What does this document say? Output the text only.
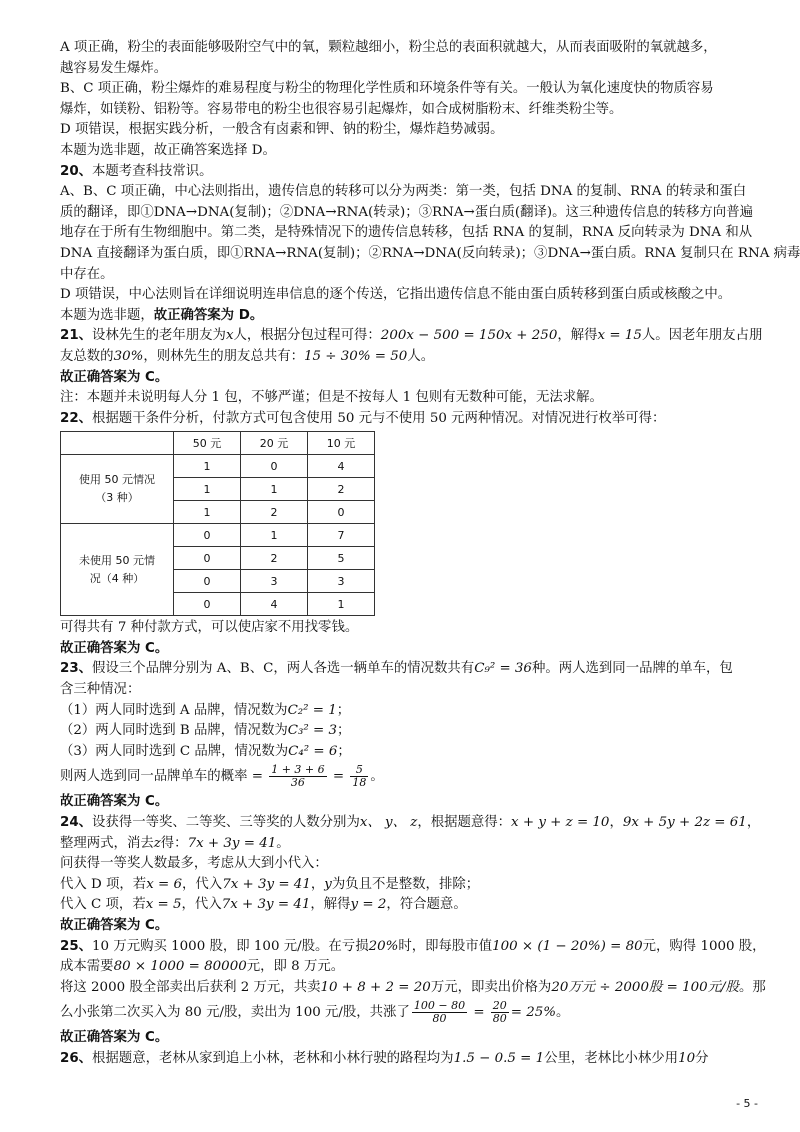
A 项正确，粉尘的表面能够吸附空气中的氧，颗粒越细小，粉尘总的表面积就越大，从而表面吸附的氧就越多，
越容易发生爆炸。
B、C 项正确，粉尘爆炸的难易程度与粉尘的物理化学性质和环境条件等有关。一般认为氧化速度快的物质容易
爆炸，如镁粉、铝粉等。容易带电的粉尘也很容易引起爆炸，如合成树脂粉末、纤维类粉尘等。
D 项错误，根据实践分析，一般含有卤素和钾、钠的粉尘，爆炸趋势减弱。
本题为选非题，故正确答案选择 D。
20、本题考查科技常识。
A、B、C 项正确，中心法则指出，遗传信息的转移可以分为两类：第一类，包括 DNA 的复制、RNA 的转录和蛋白
质的翻译，即①DNA→DNA(复制)；②DNA→RNA(转录)；③RNA→蛋白质(翻译)。这三种遗传信息的转移方向普遍
地存在于所有生物细胞中。第二类，是特殊情况下的遗传信息转移，包括 RNA 的复制，RNA 反向转录为 DNA 和从
DNA 直接翻译为蛋白质，即①RNA→RNA(复制)；②RNA→DNA(反向转录)；③DNA→蛋白质。RNA 复制只在 RNA 病毒
中存在。
D 项错误，中心法则旨在详细说明连串信息的逐个传送，它指出遗传信息不能由蛋白质转移到蛋白质或核酸之中。
本题为选非题，故正确答案为 D。
21、设林先生的老年朋友为x人，根据分包过程可得：200x − 500 = 150x + 250，解得x = 15人。因老年朋友占朋
友总数的30%，则林先生的朋友总共有：15 ÷ 30% = 50人。
故正确答案为 C。
注：本题并未说明每人分 1 包，不够严谨；但是不按每人 1 包则有无数种可能，无法求解。
22、根据题干条件分析，付款方式可包含使用 50 元与不使用 50 元两种情况。对情况进行枚举可得：
	50 元	20 元	10 元
使用 50 元情况
（3 种）	1	0	4
	1	1	2
	1	2	0
未使用 50 元情
况（4 种）	0	1	7
	0	2	5
	0	3	3
	0	4	1
可得共有 7 种付款方式，可以使店家不用找零钱。
故正确答案为 C。
23、假设三个品牌分别为 A、B、C，两人各选一辆单车的情况数共有C₉² = 36种。两人选到同一品牌的单车，包
含三种情况：
（1）两人同时选到 A 品牌，情况数为C₂² = 1；
（2）两人同时选到 B 品牌，情况数为C₃² = 3；
（3）两人同时选到 C 品牌，情况数为C₄² = 6；
则两人选到同一品牌单车的概率 = $\frac{1 + 3 + 6}{36} = \frac{5}{18}$ 。
故正确答案为 C。
24、设获得一等奖、二等奖、三等奖的人数分别为x、 y、 z，根据题意得：x + y + z = 10，9x + 5y + 2z = 61，
整理两式，消去z得：7x + 3y = 41。
问获得一等奖人数最多，考虑从大到小代入：
代入 D 项，若x = 6，代入7x + 3y = 41，y为负且不是整数，排除；
代入 C 项，若x = 5，代入7x + 3y = 41，解得y = 2，符合题意。
故正确答案为 C。
25、10 万元购买 1000 股，即 100 元/股。在亏损20%时，即每股市值100 × (1 − 20%) = 80元，购得 1000 股，
成本需要80 × 1000 = 80000元，即 8 万元。
将这 2000 股全部卖出后获利 2 万元，共卖10 + 8 + 2 = 20万元，即卖出价格为20万元 ÷ 2000股 = 100元/股。那
么小张第二次买入为 80 元/股，卖出为 100 元/股，共涨了 $\frac{100 - 80}{80} = \frac{20}{80} = 25\%$。
故正确答案为 C。
26、根据题意，老林从家到追上小林，老林和小林行驶的路程均为1.5 − 0.5 = 1公里，老林比小林少用10分
- 5 -
